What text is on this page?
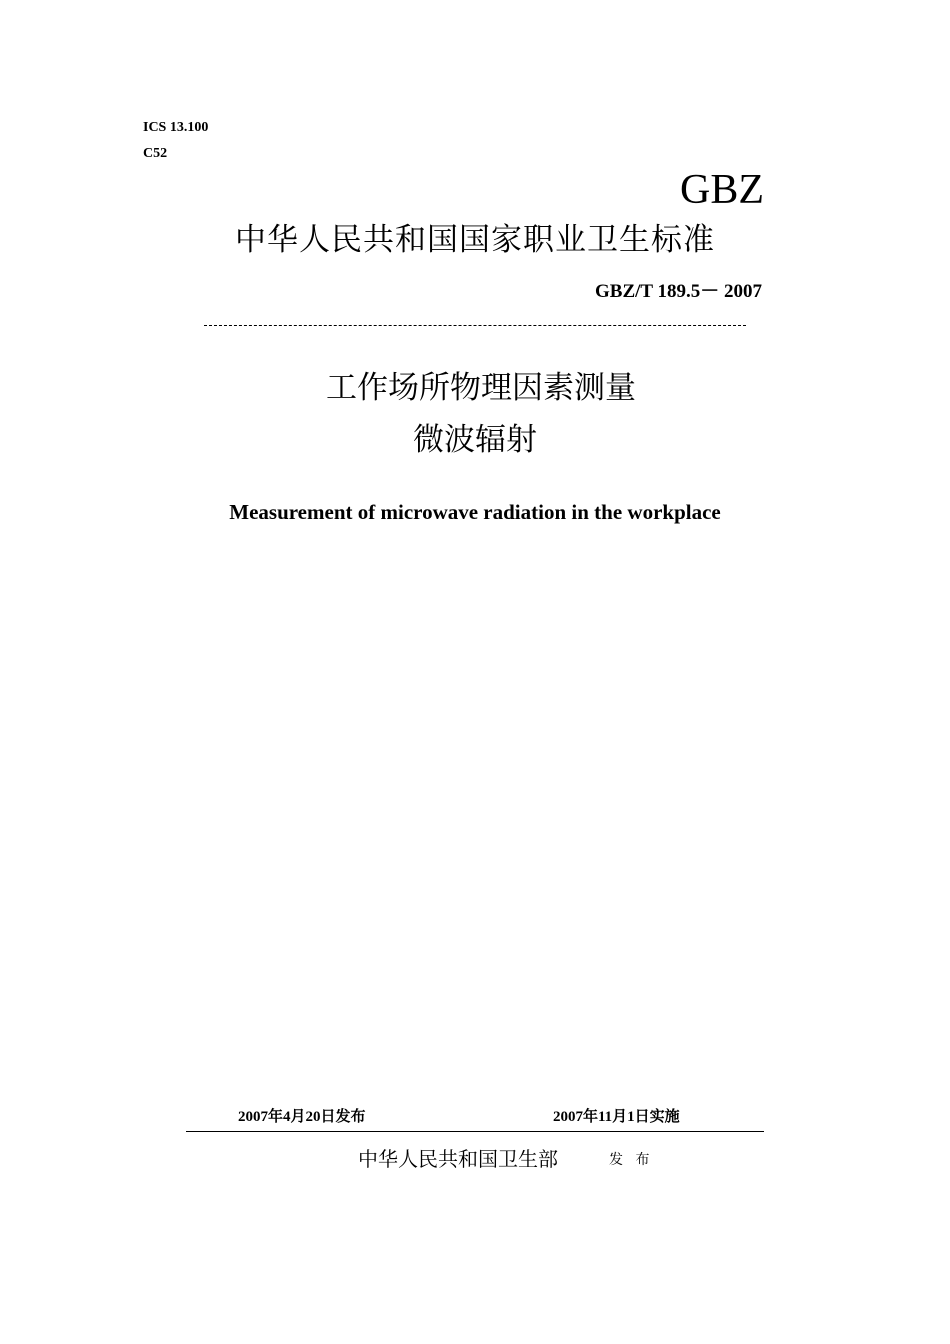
ICS 13.100
C52
GBZ
中华人民共和国国家职业卫生标准
GBZ/T 189.5－ 2007
工作场所物理因素测量
微波辐射
Measurement of microwave radiation in the workplace
2007年4月20日发布	2007年11月1日实施
中华人民共和国卫生部	发 布
